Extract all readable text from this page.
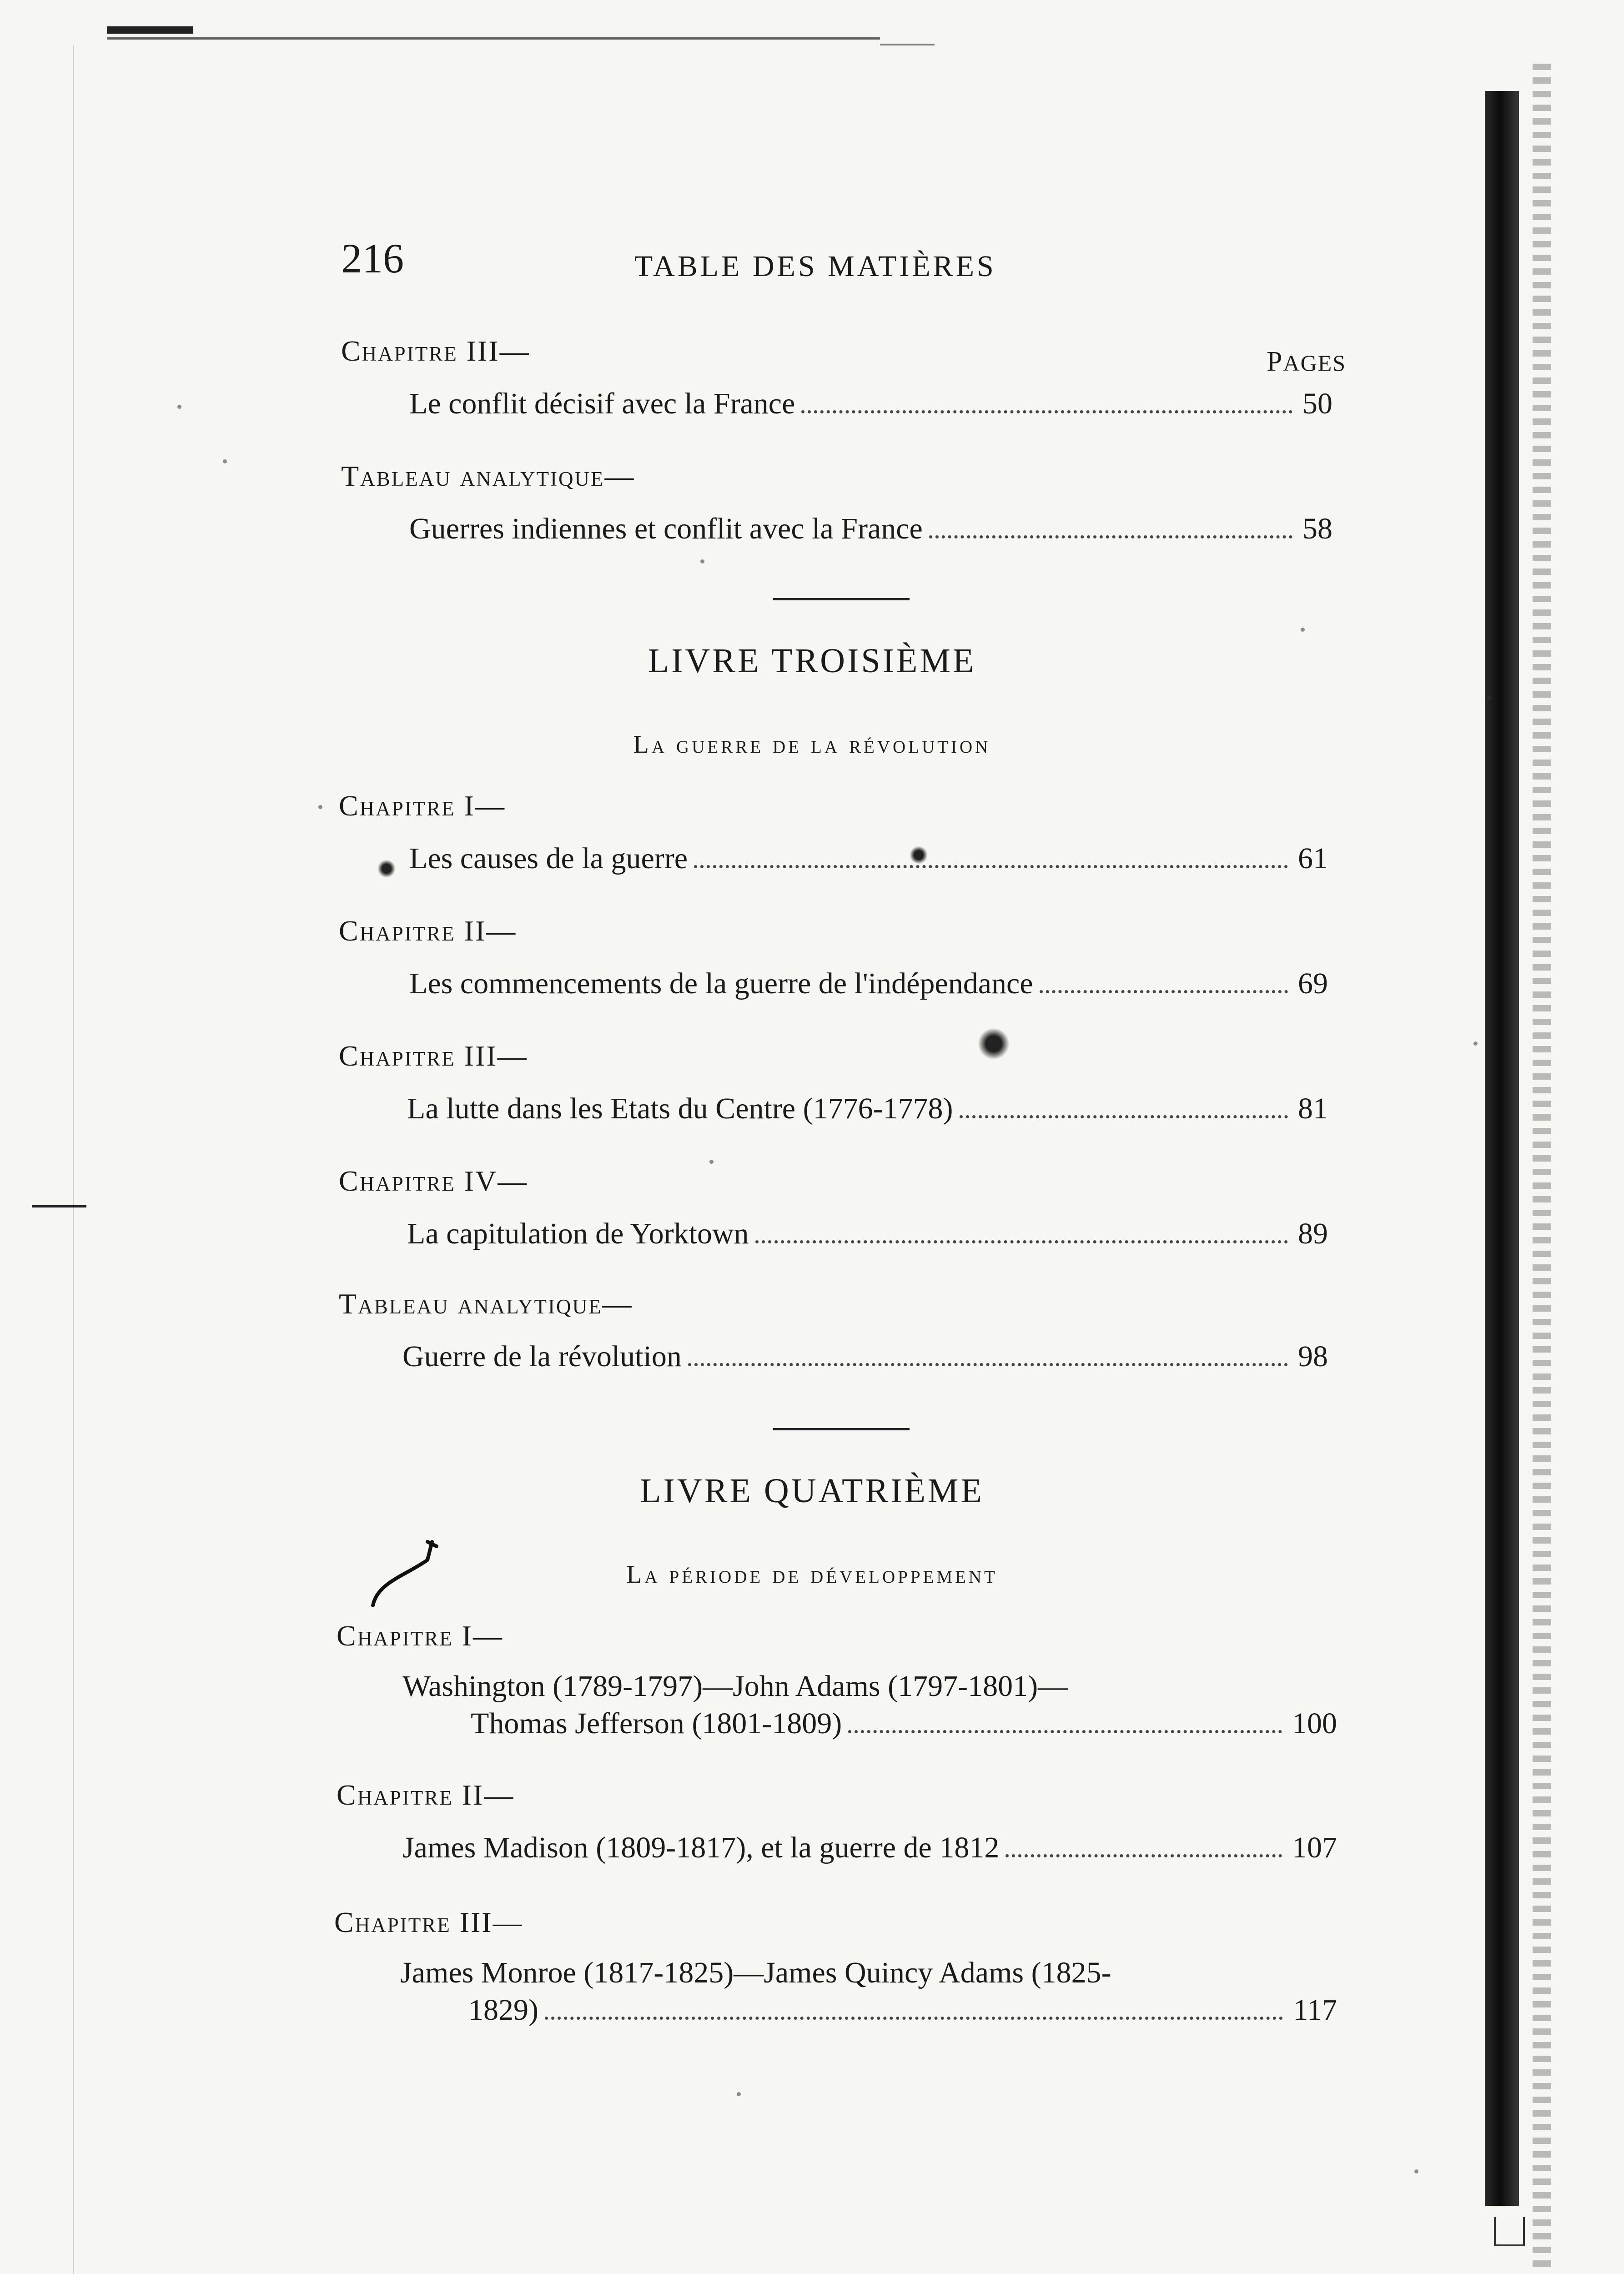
216	TABLE DES MATIÈRES
PAGES
Chapitre III—
Le conflit décisif avec la France	50
Tableau analytique—
Guerres indiennes et conflit avec la France	58
LIVRE TROISIÈME
La guerre de la révolution
Chapitre I—
Les causes de la guerre	61
Chapitre II—
Les commencements de la guerre de l'indépendance	69
Chapitre III—
La lutte dans les Etats du Centre (1776-1778)	81
Chapitre IV—
La capitulation de Yorktown	89
Tableau analytique—
Guerre de la révolution	98
LIVRE QUATRIÈME
La période de développement
Chapitre I—
Washington (1789-1797)—John Adams (1797-1801)—
Thomas Jefferson (1801-1809)	100
Chapitre II—
James Madison (1809-1817), et la guerre de 1812	107
Chapitre III—
James Monroe (1817-1825)—James Quincy Adams (1825-
1829)	117
